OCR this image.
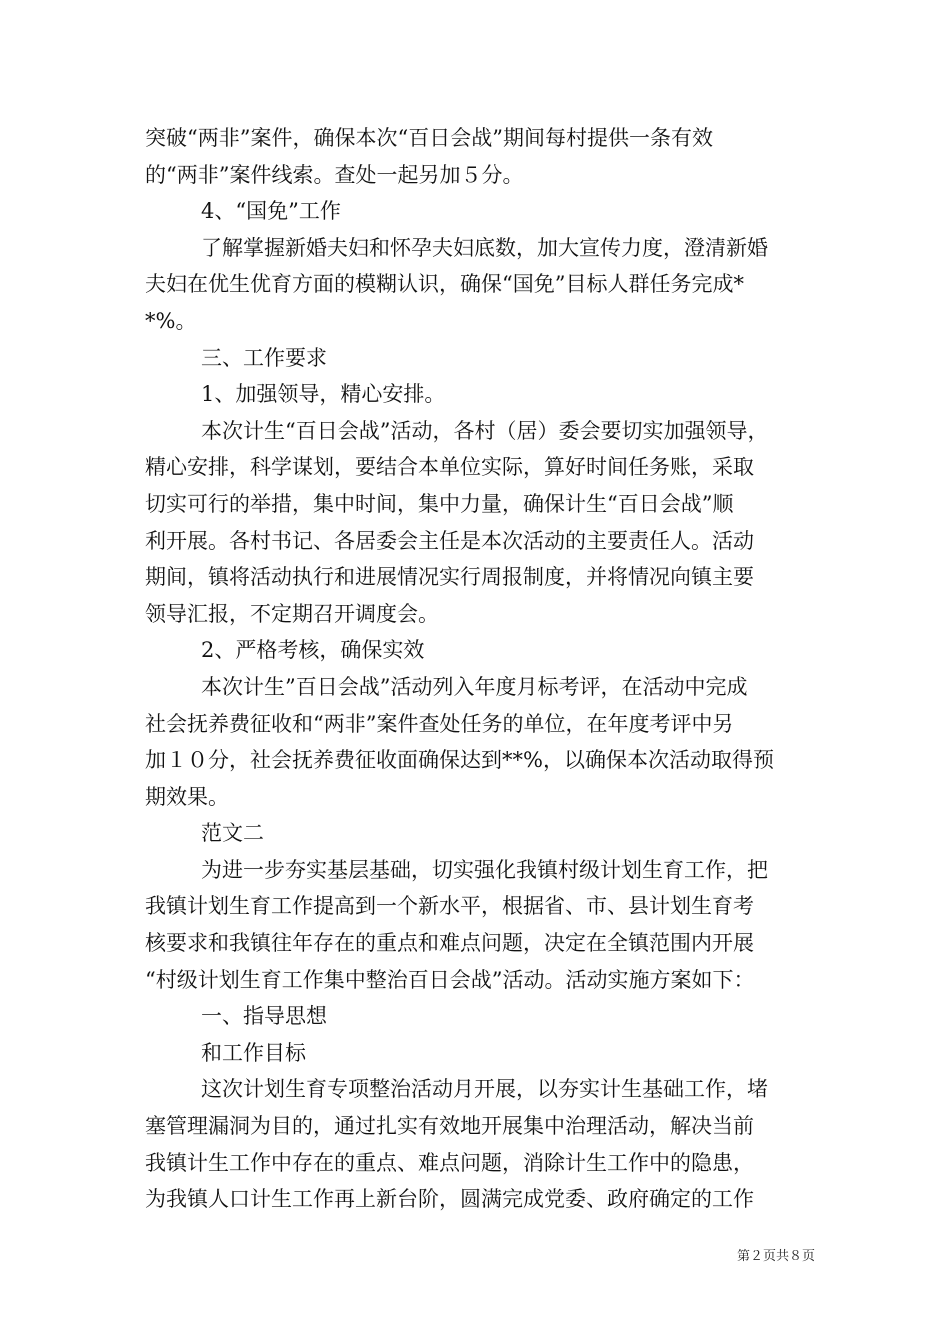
突破“两非”案件，确保本次“百日会战”期间每村提供一条有效
的“两非”案件线索。查处一起另加５分。
4、“国免”工作
了解掌握新婚夫妇和怀孕夫妇底数，加大宣传力度，澄清新婚
夫妇在优生优育方面的模糊认识，确保“国免”目标人群任务完成*
*%。
三、工作要求
1、加强领导，精心安排。
本次计生“百日会战”活动，各村（居）委会要切实加强领导，
精心安排，科学谋划，要结合本单位实际，算好时间任务账，采取
切实可行的举措，集中时间，集中力量，确保计生“百日会战”顺
利开展。各村书记、各居委会主任是本次活动的主要责任人。活动
期间，镇将活动执行和进展情况实行周报制度，并将情况向镇主要
领导汇报，不定期召开调度会。
2、严格考核，确保实效
本次计生”百日会战”活动列入年度月标考评，在活动中完成
社会抚养费征收和“两非”案件查处任务的单位，在年度考评中另
加１０分，社会抚养费征收面确保达到**%，以确保本次活动取得预
期效果。
范文二
为进一步夯实基层基础，切实强化我镇村级计划生育工作，把
我镇计划生育工作提高到一个新水平，根据省、市、县计划生育考
核要求和我镇往年存在的重点和难点问题，决定在全镇范围内开展
“村级计划生育工作集中整治百日会战”活动。活动实施方案如下：
一、指导思想
和工作目标
这次计划生育专项整治活动月开展，以夯实计生基础工作，堵
塞管理漏洞为目的，通过扎实有效地开展集中治理活动，解决当前
我镇计生工作中存在的重点、难点问题，消除计生工作中的隐患，
为我镇人口计生工作再上新台阶，圆满完成党委、政府确定的工作
第２页共８页
